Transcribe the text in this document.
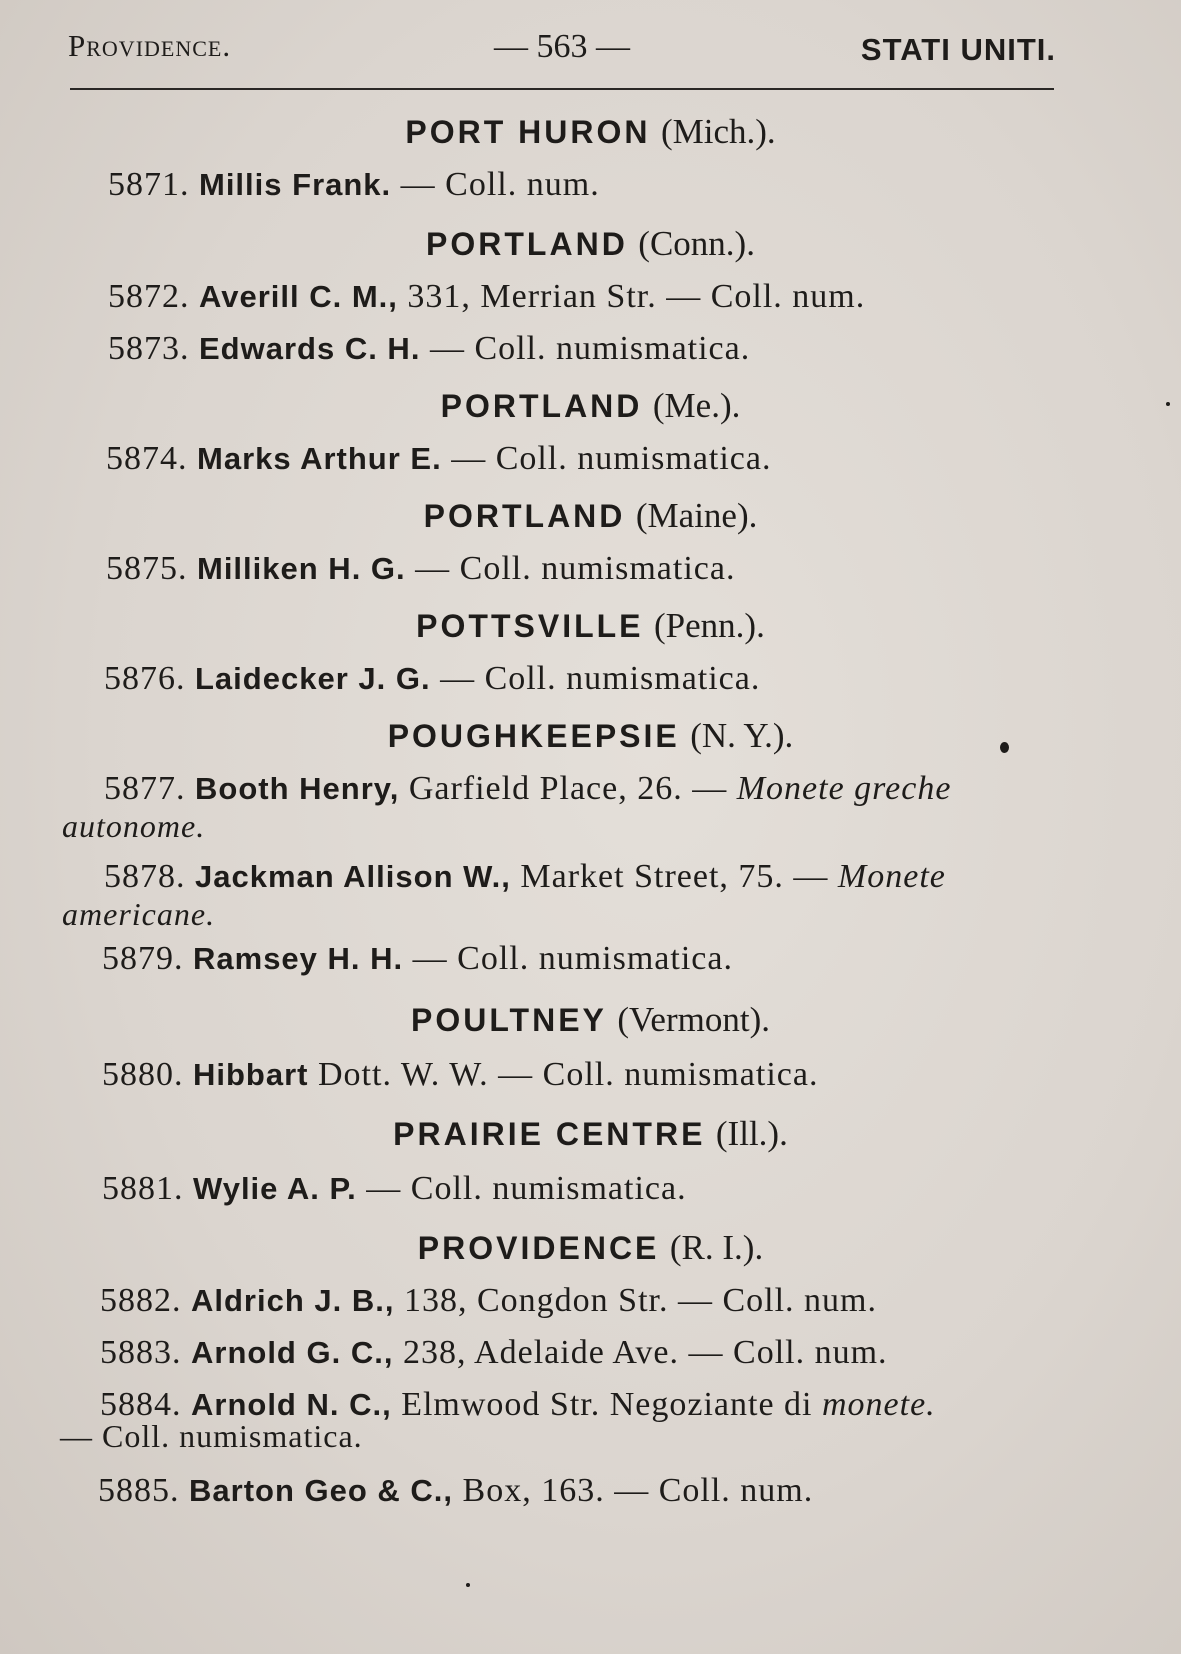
Providence.	— 563 —	STATI UNITI.
PORT HURON (Mich.).
5871. Millis Frank. — Coll. num.
PORTLAND (Conn.).
5872. Averill C. M., 331, Merrian Str. — Coll. num.
5873. Edwards C. H. — Coll. numismatica.
PORTLAND (Me.).
5874. Marks Arthur E. — Coll. numismatica.
PORTLAND (Maine).
5875. Milliken H. G. — Coll. numismatica.
POTTSVILLE (Penn.).
5876. Laidecker J. G. — Coll. numismatica.
POUGHKEEPSIE (N. Y.).
5877. Booth Henry, Garfield Place, 26. — Monete greche
autonome.
5878. Jackman Allison W., Market Street, 75. — Monete
americane.
5879. Ramsey H. H. — Coll. numismatica.
POULTNEY (Vermont).
5880. Hibbart Dott. W. W. — Coll. numismatica.
PRAIRIE CENTRE (Ill.).
5881. Wylie A. P. — Coll. numismatica.
PROVIDENCE (R. I.).
5882. Aldrich J. B., 138, Congdon Str. — Coll. num.
5883. Arnold G. C., 238, Adelaide Ave. — Coll. num.
5884. Arnold N. C., Elmwood Str. Negoziante di monete.
— Coll. numismatica.
5885. Barton Geo & C., Box, 163. — Coll. num.
